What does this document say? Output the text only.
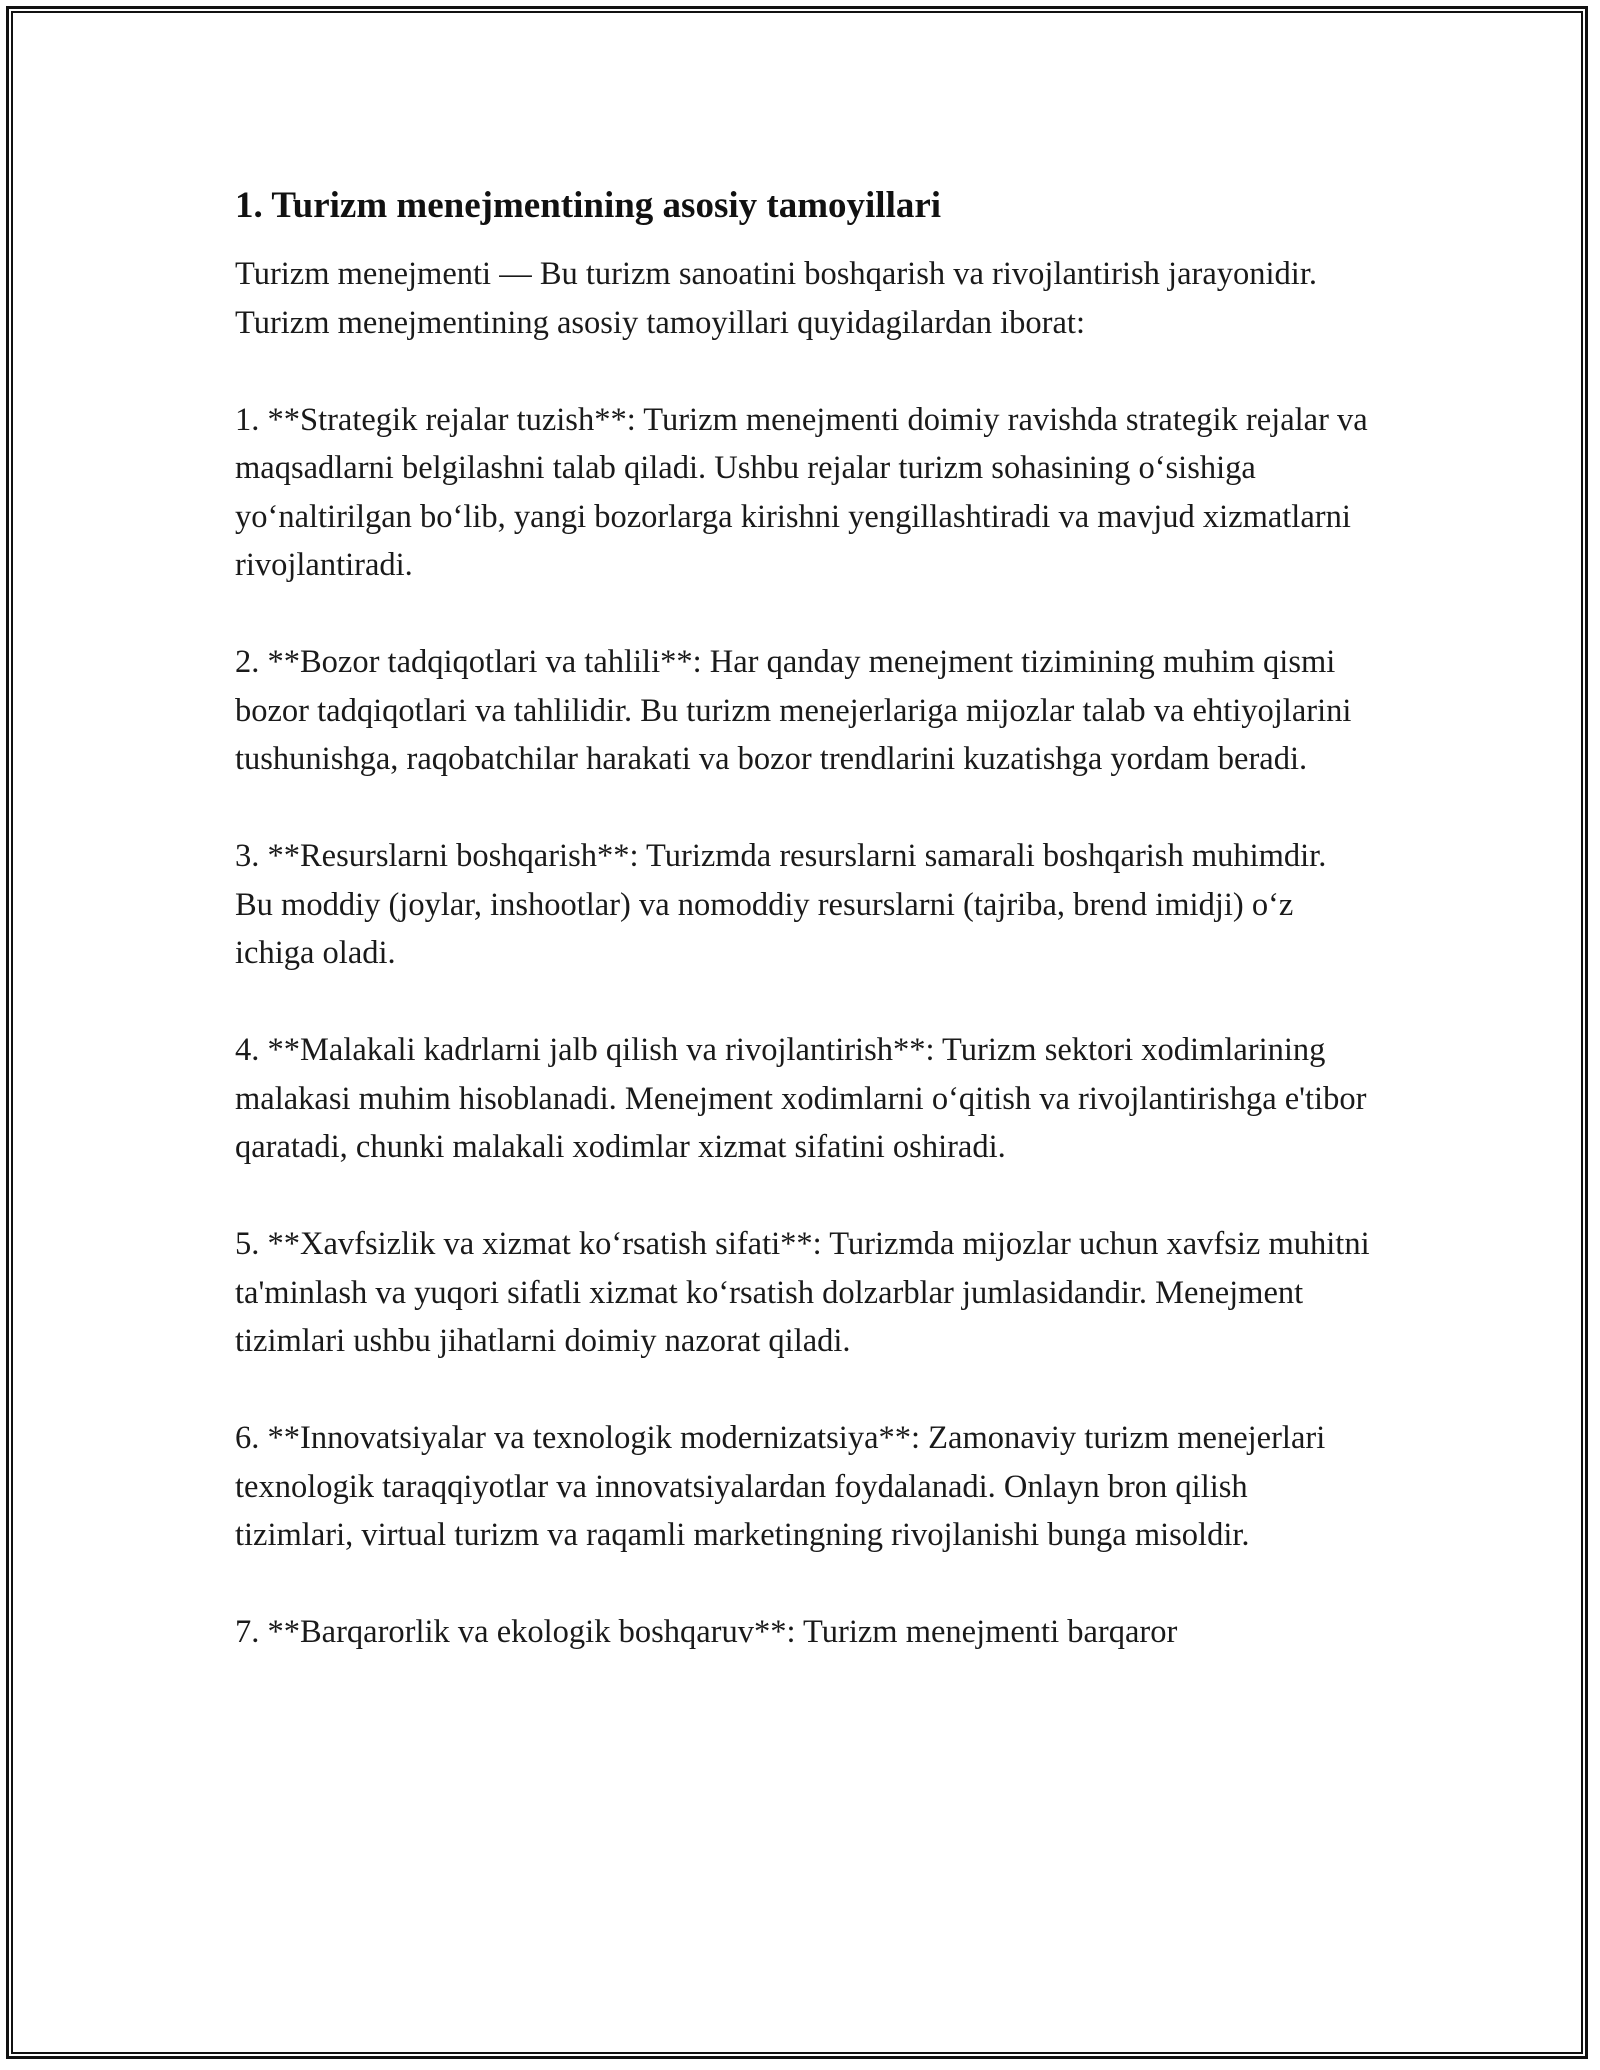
1. Turizm menejmentining asosiy tamoyillari

Turizm menejmenti — Bu turizm sanoatini boshqarish va rivojlantirish jarayonidir. Turizm menejmentining asosiy tamoyillari quyidagilardan iborat:

1. **Strategik rejalar tuzish**: Turizm menejmenti doimiy ravishda strategik rejalar va maqsadlarni belgilashni talab qiladi. Ushbu rejalar turizm sohasining o‘sishiga yo‘naltirilgan bo‘lib, yangi bozorlarga kirishni yengillashtiradi va mavjud xizmatlarni rivojlantiradi.

2. **Bozor tadqiqotlari va tahlili**: Har qanday menejment tizimining muhim qismi bozor tadqiqotlari va tahlilidir. Bu turizm menejerlariga mijozlar talab va ehtiyojlarini tushunishga, raqobatchilar harakati va bozor trendlarini kuzatishga yordam beradi.

3. **Resurslarni boshqarish**: Turizmda resurslarni samarali boshqarish muhimdir. Bu moddiy (joylar, inshootlar) va nomoddiy resurslarni (tajriba, brend imidji) o‘z ichiga oladi.

4. **Malakali kadrlarni jalb qilish va rivojlantirish**: Turizm sektori xodimlarining malakasi muhim hisoblanadi. Menejment xodimlarni o‘qitish va rivojlantirishga e'tibor qaratadi, chunki malakali xodimlar xizmat sifatini oshiradi.

5. **Xavfsizlik va xizmat ko‘rsatish sifati**: Turizmda mijozlar uchun xavfsiz muhitni ta'minlash va yuqori sifatli xizmat ko‘rsatish dolzarblar jumlasidandir. Menejment tizimlari ushbu jihatlarni doimiy nazorat qiladi.

6. **Innovatsiyalar va texnologik modernizatsiya**: Zamonaviy turizm menejerlari texnologik taraqqiyotlar va innovatsiyalardan foydalanadi. Onlayn bron qilish tizimlari, virtual turizm va raqamli marketingning rivojlanishi bunga misoldir.

7. **Barqarorlik va ekologik boshqaruv**: Turizm menejmenti barqaror
